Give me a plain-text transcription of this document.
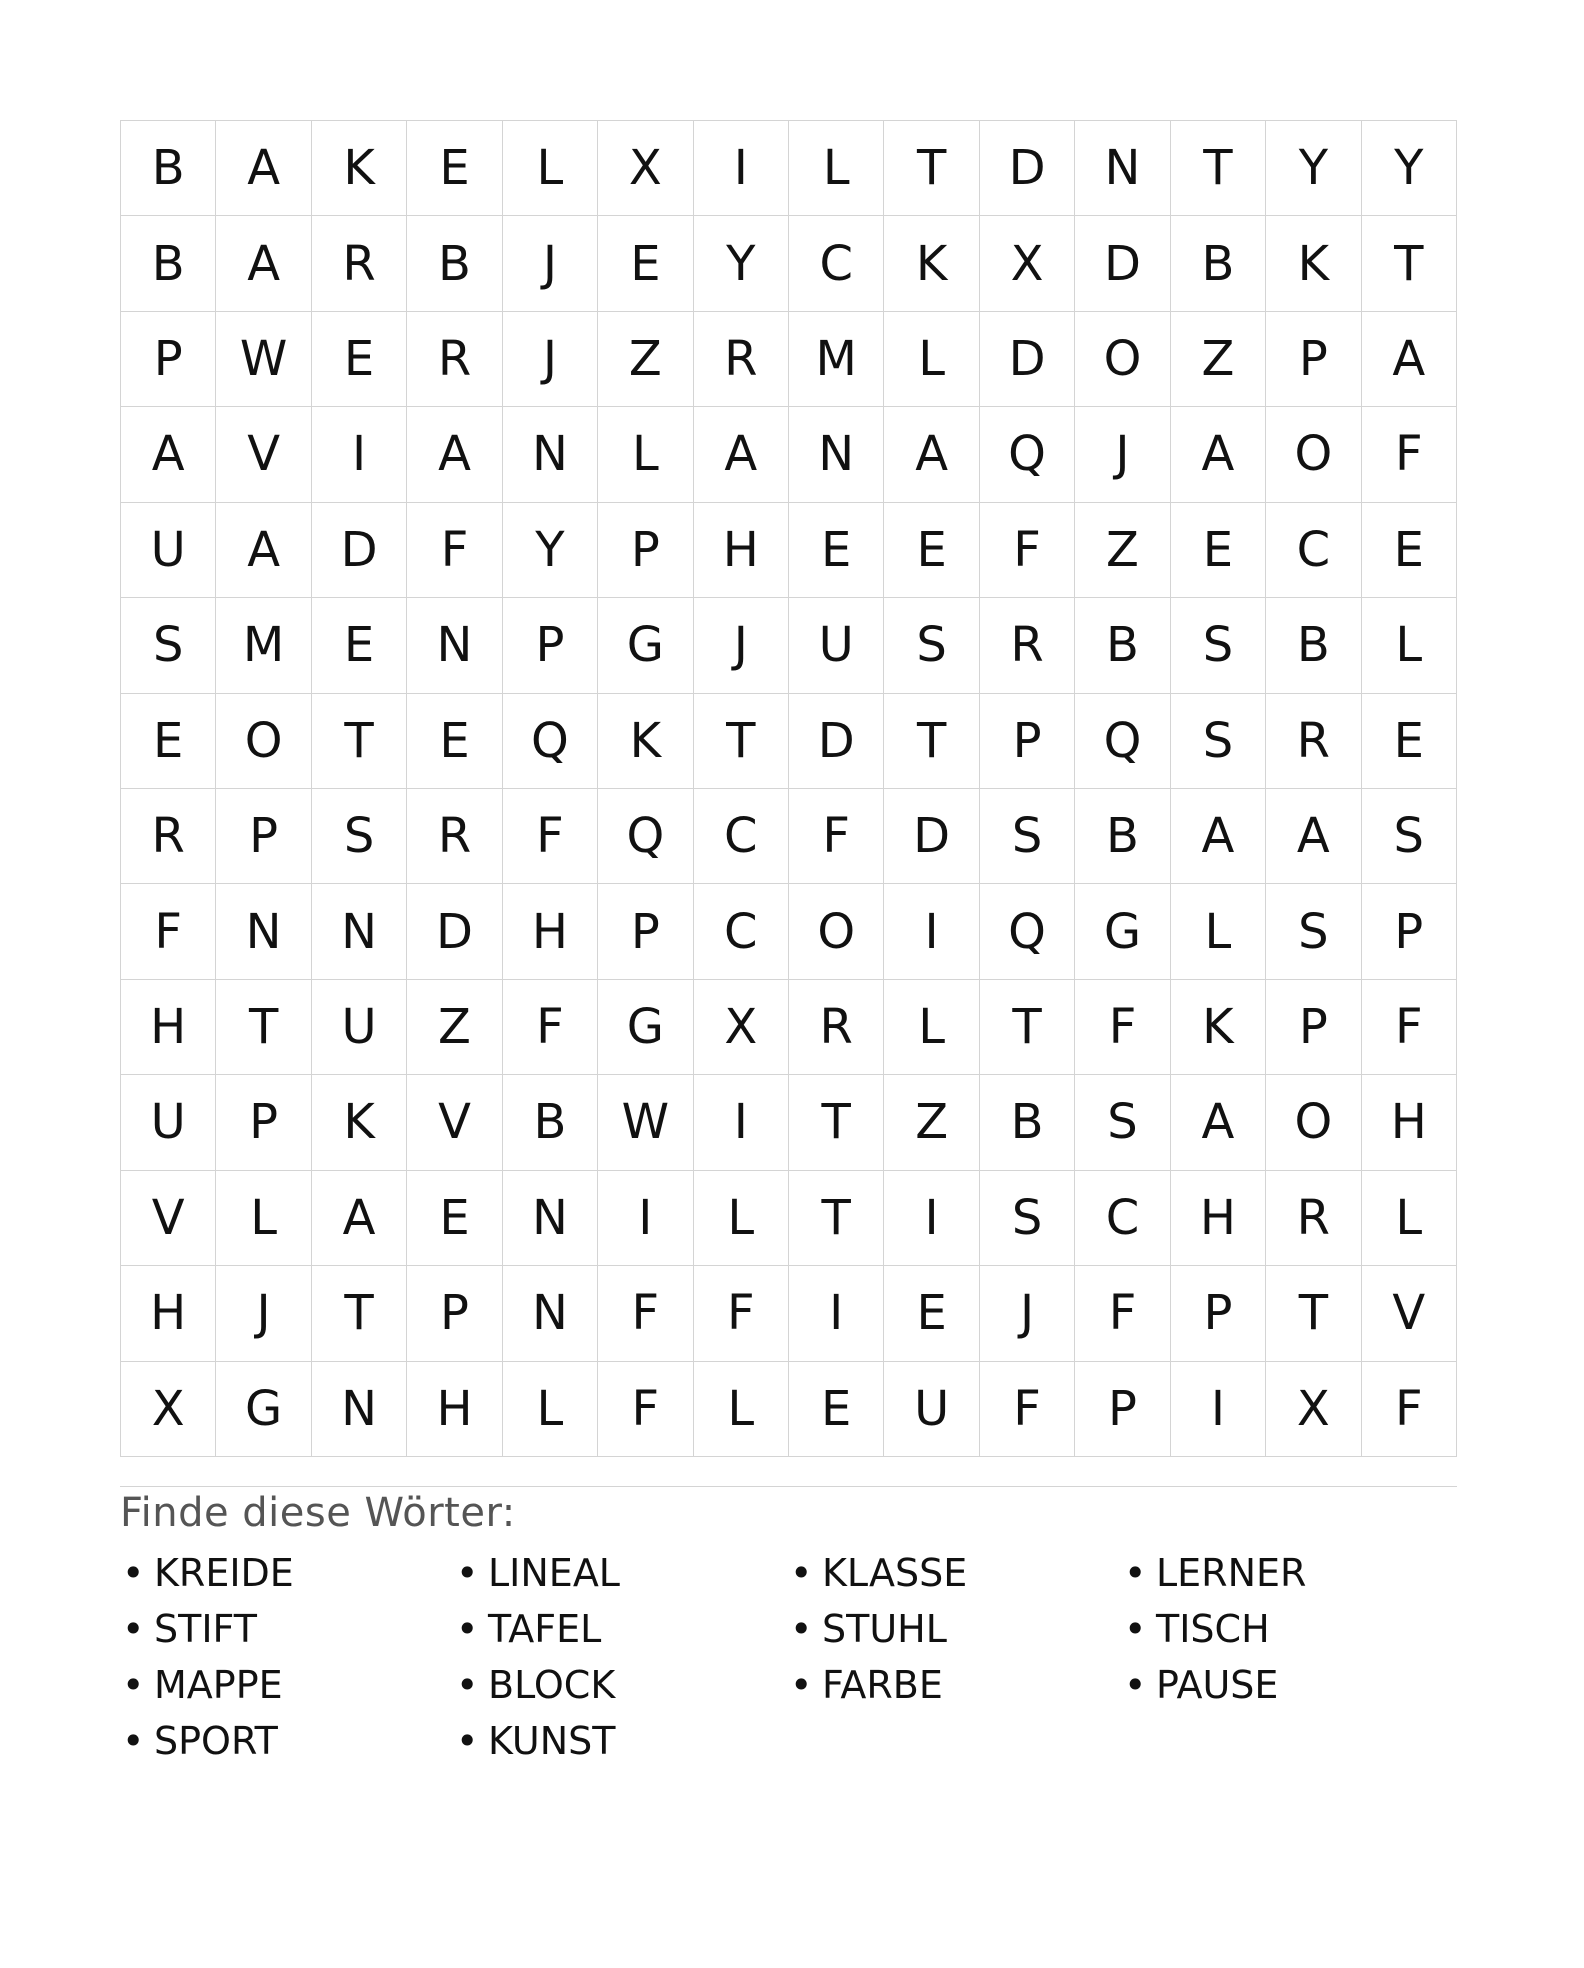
B	A	K	E	L	X	I	L	T	D	N	T	Y	Y
B	A	R	B	J	E	Y	C	K	X	D	B	K	T
P	W	E	R	J	Z	R	M	L	D	O	Z	P	A
A	V	I	A	N	L	A	N	A	Q	J	A	O	F
U	A	D	F	Y	P	H	E	E	F	Z	E	C	E
S	M	E	N	P	G	J	U	S	R	B	S	B	L
E	O	T	E	Q	K	T	D	T	P	Q	S	R	E
R	P	S	R	F	Q	C	F	D	S	B	A	A	S
F	N	N	D	H	P	C	O	I	Q	G	L	S	P
H	T	U	Z	F	G	X	R	L	T	F	K	P	F
U	P	K	V	B	W	I	T	Z	B	S	A	O	H
V	L	A	E	N	I	L	T	I	S	C	H	R	L
H	J	T	P	N	F	F	I	E	J	F	P	T	V
X	G	N	H	L	F	L	E	U	F	P	I	X	F
Finde diese Wörter:
• KREIDE	• LINEAL	• KLASSE	• LERNER
• STIFT	• TAFEL	• STUHL	• TISCH
• MAPPE	• BLOCK	• FARBE	• PAUSE
• SPORT	• KUNST
